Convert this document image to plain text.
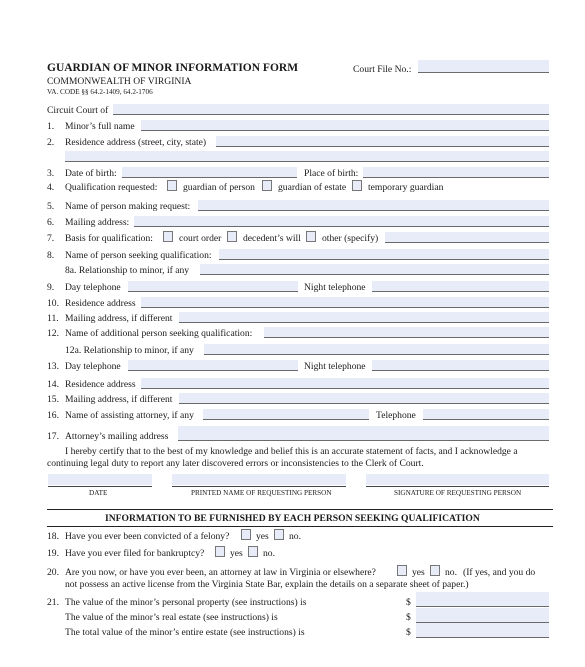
GUARDIAN OF MINOR INFORMATION FORM
COMMONWEALTH OF VIRGINIA
VA. CODE §§ 64.2-1409, 64.2-1706
Court File No.:
Circuit Court of
1. Minor’s full name
2. Residence address (street, city, state)
3. Date of birth:	Place of birth:
4. Qualification requested:	guardian of person guardian of estate temporary guardian
5. Name of person making request:
6. Mailing address:
7. Basis for qualification:	court order decedent’s will other (specify)
8. Name of person seeking qualification:
8a. Relationship to minor, if any
9. Day telephone	Night telephone
10. Residence address
11. Mailing address, if different
12. Name of additional person seeking qualification:
12a. Relationship to minor, if any
13. Day telephone	Night telephone
14. Residence address
15. Mailing address, if different
16. Name of assisting attorney, if any	Telephone
17. Attorney’s mailing address
I hereby certify that to the best of my knowledge and belief this is an accurate statement of facts, and I acknowledge a
continuing legal duty to report any later discovered errors or inconsistencies to the Clerk of Court.
DATE	PRINTED NAME OF REQUESTING PERSON	SIGNATURE OF REQUESTING PERSON
INFORMATION TO BE FURNISHED BY EACH PERSON SEEKING QUALIFICATION
18. Have you ever been convicted of a felony?	yes no.
19. Have you ever filed for bankruptcy?	yes no.
20. Are you now, or have you ever been, an attorney at law in Virginia or elsewhere?	yes no. (If yes, and you do
not possess an active license from the Virginia State Bar, explain the details on a separate sheet of paper.)
21. The value of the minor’s personal property (see instructions) is	$
The value of the minor’s real estate (see instructions) is	$
The total value of the minor’s entire estate (see instructions) is	$
